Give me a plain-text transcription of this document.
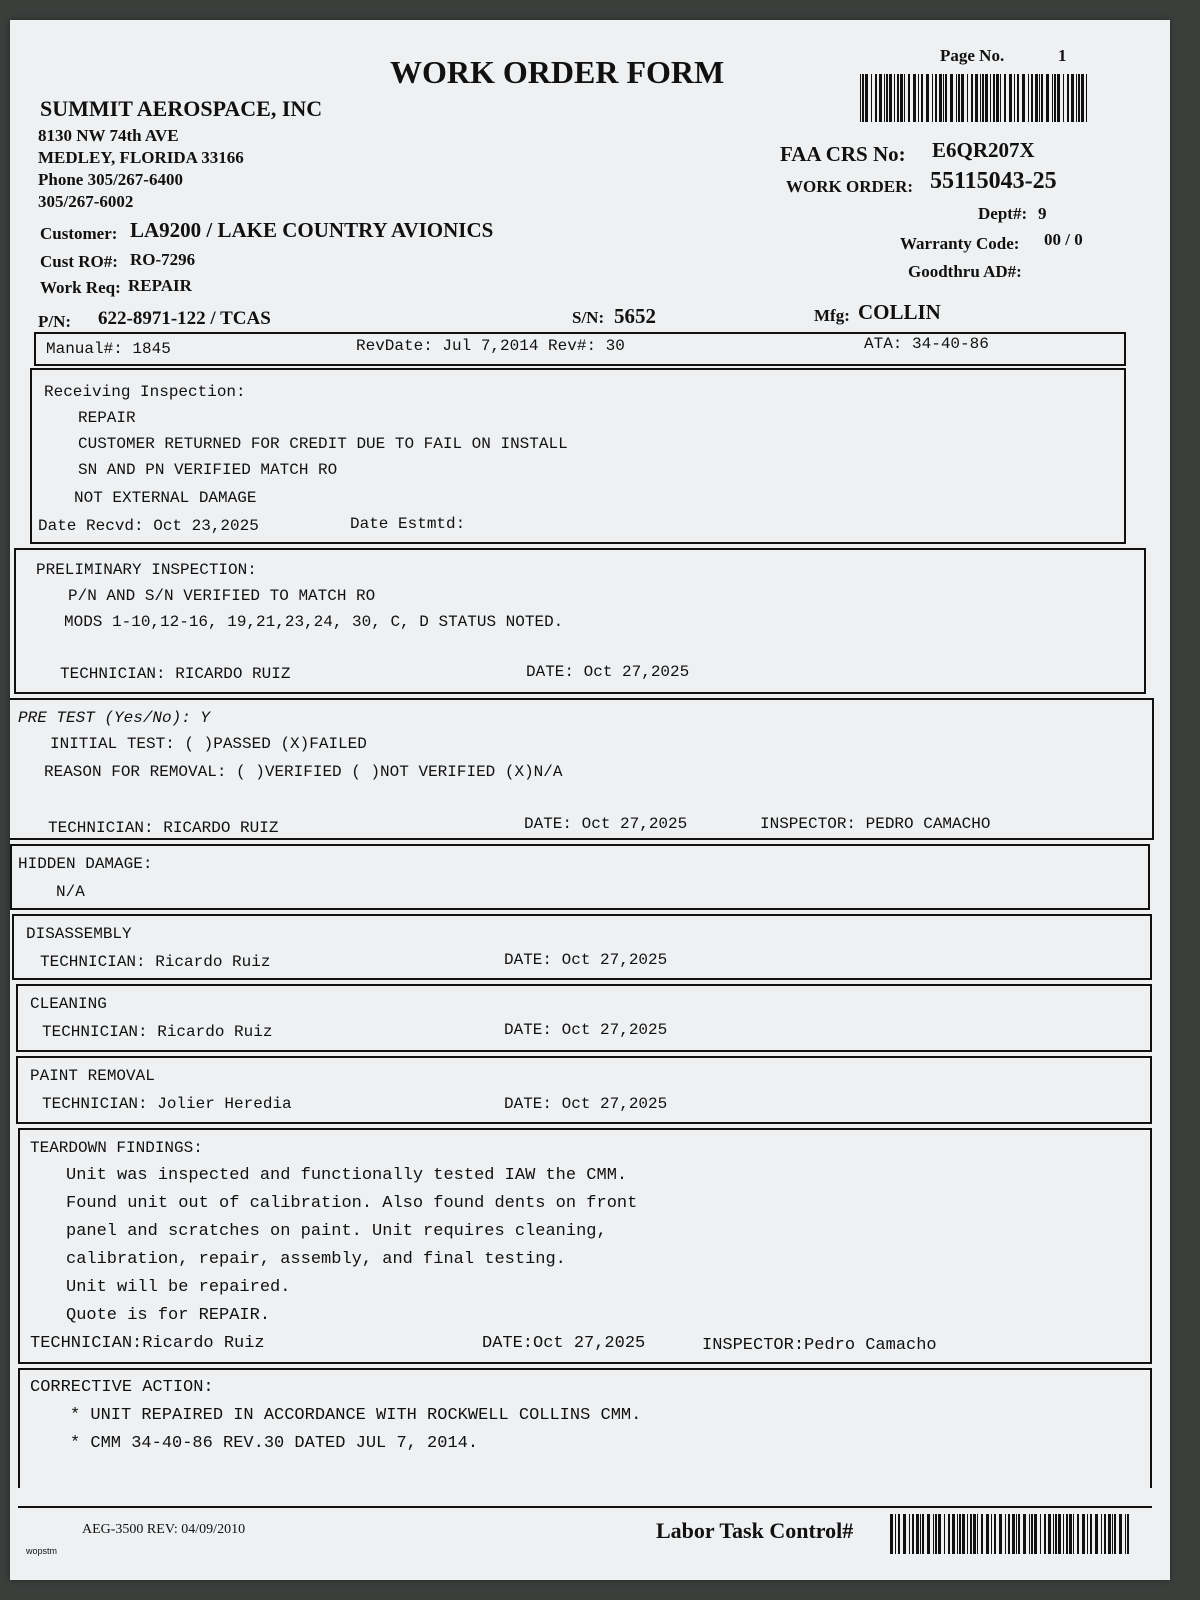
WORK ORDER FORM	Page No.	1
SUMMIT AEROSPACE, INC
8130 NW 74th AVE
MEDLEY, FLORIDA 33166
Phone 305/267-6400
305/267-6002
FAA CRS No: E6QR207X
WORK ORDER: 55115043-25
Dept#: 9
Warranty Code: 00 / 0
Goodthru AD#:
Customer: LA9200 / LAKE COUNTRY AVIONICS
Cust RO#: RO-7296
Work Req: REPAIR
P/N: 622-8971-122 / TCAS	S/N: 5652	Mfg: COLLIN
Manual#: 1845	RevDate: Jul 7,2014 Rev#: 30	ATA: 34-40-86
Receiving Inspection:
REPAIR
CUSTOMER RETURNED FOR CREDIT DUE TO FAIL ON INSTALL
SN AND PN VERIFIED MATCH RO
NOT EXTERNAL DAMAGE
Date Recvd: Oct 23,2025	Date Estmtd:
PRELIMINARY INSPECTION:
P/N AND S/N VERIFIED TO MATCH RO
MODS 1-10,12-16, 19,21,23,24, 30, C, D STATUS NOTED.
TECHNICIAN: RICARDO RUIZ	DATE: Oct 27,2025
PRE TEST (Yes/No): Y
INITIAL TEST: ( )PASSED (X)FAILED
REASON FOR REMOVAL: ( )VERIFIED ( )NOT VERIFIED (X)N/A
TECHNICIAN: RICARDO RUIZ	DATE: Oct 27,2025	INSPECTOR: PEDRO CAMACHO
HIDDEN DAMAGE:
N/A
DISASSEMBLY
TECHNICIAN: Ricardo Ruiz	DATE: Oct 27,2025
CLEANING
TECHNICIAN: Ricardo Ruiz	DATE: Oct 27,2025
PAINT REMOVAL
TECHNICIAN: Jolier Heredia	DATE: Oct 27,2025
TEARDOWN FINDINGS:
Unit was inspected and functionally tested IAW the CMM.
Found unit out of calibration. Also found dents on front
panel and scratches on paint. Unit requires cleaning,
calibration, repair, assembly, and final testing.
Unit will be repaired.
Quote is for REPAIR.
TECHNICIAN:Ricardo Ruiz	DATE:Oct 27,2025	INSPECTOR:Pedro Camacho
CORRECTIVE ACTION:
* UNIT REPAIRED IN ACCORDANCE WITH ROCKWELL COLLINS CMM.
* CMM 34-40-86 REV.30 DATED JUL 7, 2014.
wopstm
AEG-3500 REV: 04/09/2010	Labor Task Control#
